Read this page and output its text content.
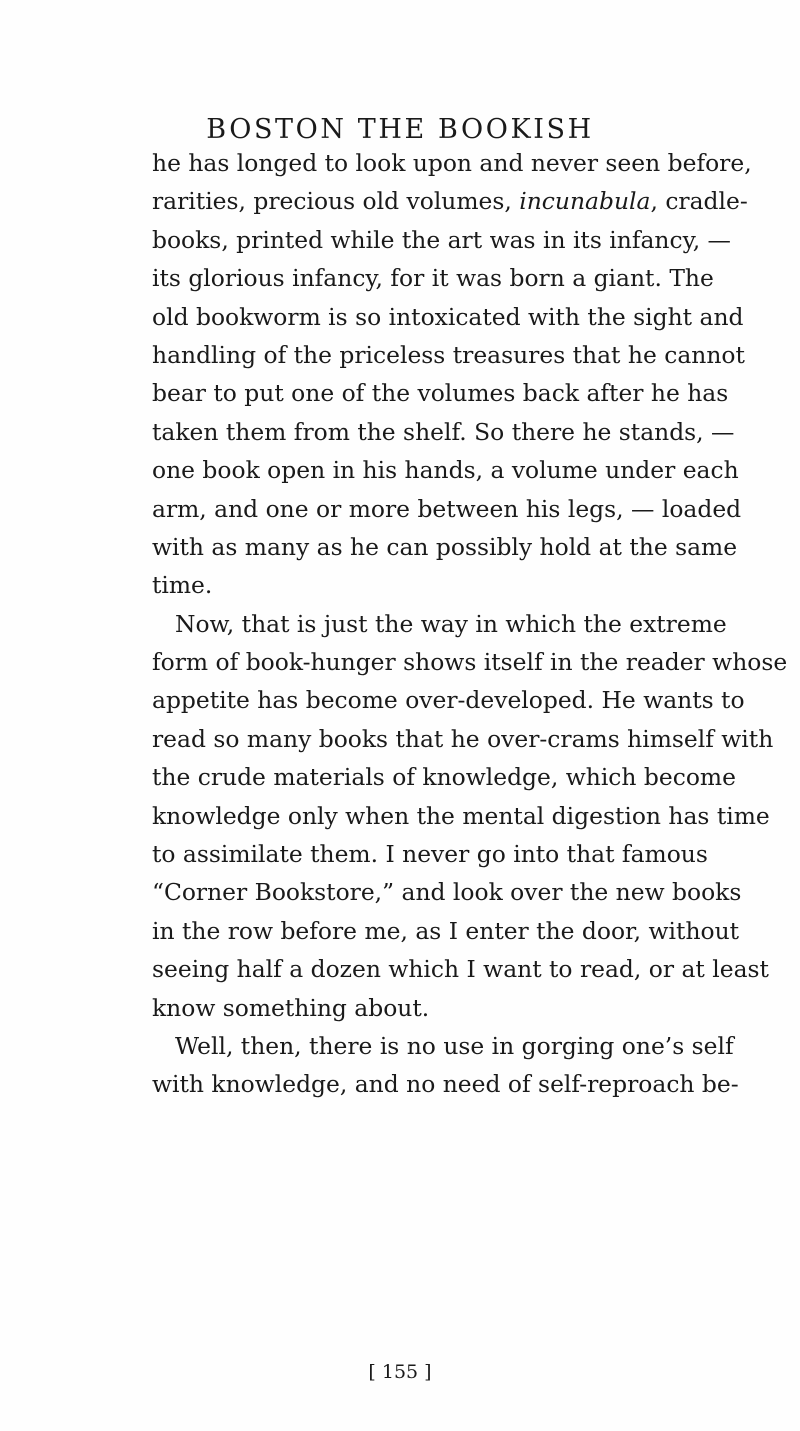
BOSTON THE BOOKISH
he has longed to look upon and never seen before,
rarities, precious old volumes, incunabula, cradle-
books, printed while the art was in its infancy, —
its glorious infancy, for it was born a giant. The
old bookworm is so intoxicated with the sight and
handling of the priceless treasures that he cannot
bear to put one of the volumes back after he has
taken them from the shelf. So there he stands, —
one book open in his hands, a volume under each
arm, and one or more between his legs, — loaded
with as many as he can possibly hold at the same
time.
Now, that is just the way in which the extreme
form of book-hunger shows itself in the reader whose
appetite has become over-developed. He wants to
read so many books that he over-crams himself with
the crude materials of knowledge, which become
knowledge only when the mental digestion has time
to assimilate them. I never go into that famous
“Corner Bookstore,” and look over the new books
in the row before me, as I enter the door, without
seeing half a dozen which I want to read, or at least
know something about.
Well, then, there is no use in gorging one’s self
with knowledge, and no need of self-reproach be-
[ 155 ]
